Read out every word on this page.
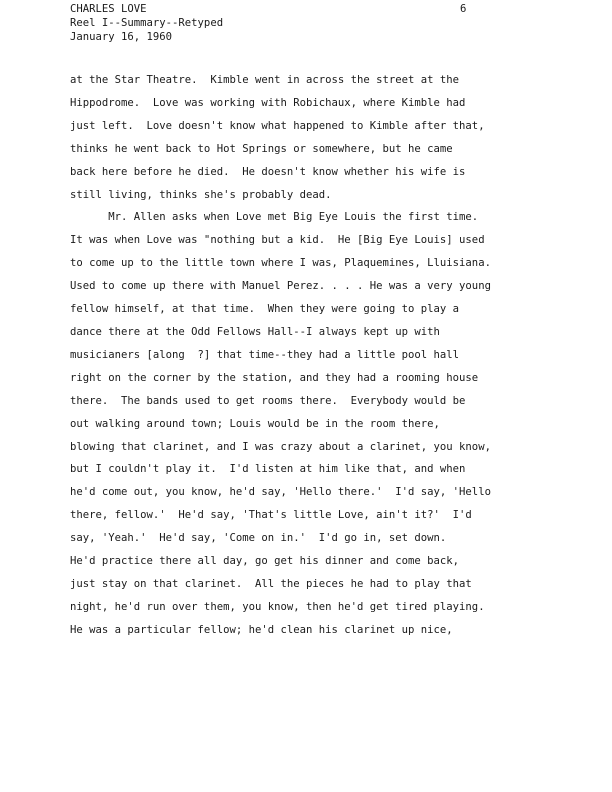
CHARLES LOVE
Reel I--Summary--Retyped
January 16, 1960
6
at the Star Theatre.  Kimble went in across the street at the
Hippodrome.  Love was working with Robichaux, where Kimble had
just left.  Love doesn't know what happened to Kimble after that,
thinks he went back to Hot Springs or somewhere, but he came
back here before he died.  He doesn't know whether his wife is
still living, thinks she's probably dead.
Mr. Allen asks when Love met Big Eye Louis the first time.
It was when Love was "nothing but a kid.  He [Big Eye Louis] used
to come up to the little town where I was, Plaquemines, Lluisiana.
Used to come up there with Manuel Perez. . . . He was a very young
fellow himself, at that time.  When they were going to play a
dance there at the Odd Fellows Hall--I always kept up with
musicianers [along  ?] that time--they had a little pool hall
right on the corner by the station, and they had a rooming house
there.  The bands used to get rooms there.  Everybody would be
out walking around town; Louis would be in the room there,
blowing that clarinet, and I was crazy about a clarinet, you know,
but I couldn't play it.  I'd listen at him like that, and when
he'd come out, you know, he'd say, 'Hello there.'  I'd say, 'Hello
there, fellow.'  He'd say, 'That's little Love, ain't it?'  I'd
say, 'Yeah.'  He'd say, 'Come on in.'  I'd go in, set down.
He'd practice there all day, go get his dinner and come back,
just stay on that clarinet.  All the pieces he had to play that
night, he'd run over them, you know, then he'd get tired playing.
He was a particular fellow; he'd clean his clarinet up nice,
